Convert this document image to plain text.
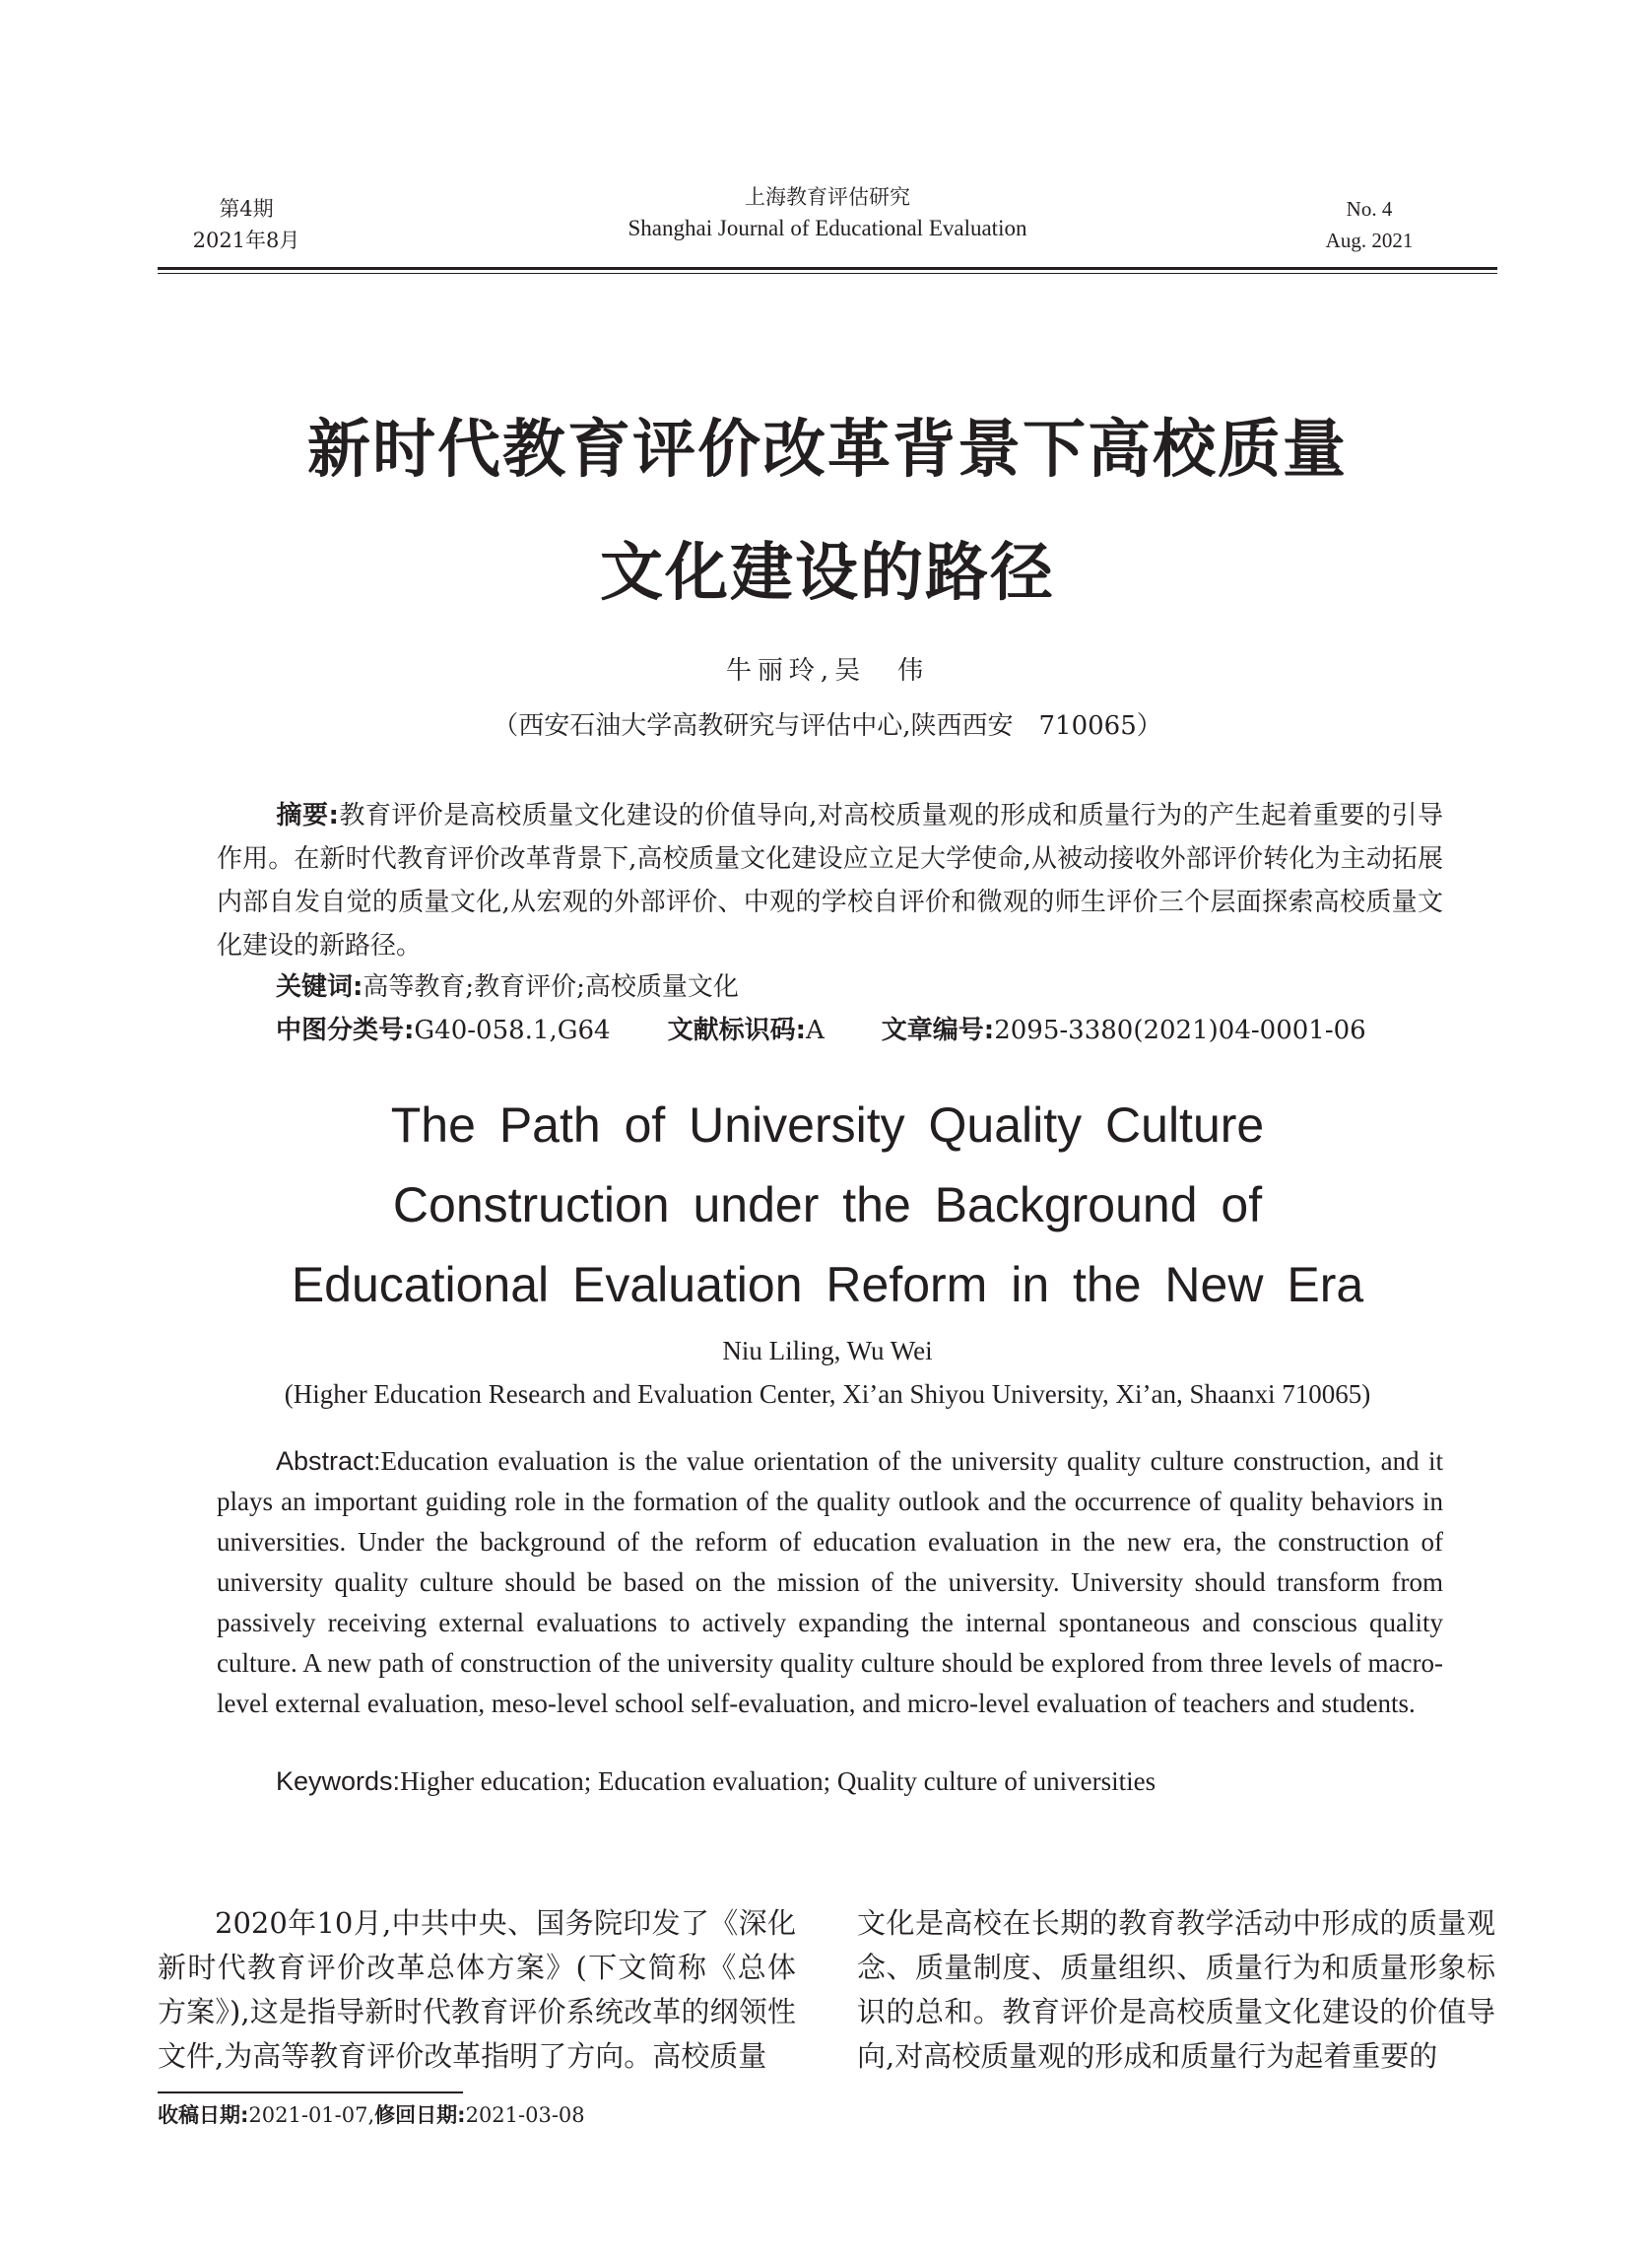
第4期
2021年8月
上海教育评估研究
Shanghai Journal of Educational Evaluation
No. 4
Aug. 2021
新时代教育评价改革背景下高校质量
文化建设的路径
牛丽玲,吴　伟
（西安石油大学高教研究与评估中心,陕西西安　710065）
摘要:教育评价是高校质量文化建设的价值导向,对高校质量观的形成和质量行为的产生起着重要的引导作用。在新时代教育评价改革背景下,高校质量文化建设应立足大学使命,从被动接收外部评价转化为主动拓展内部自发自觉的质量文化,从宏观的外部评价、中观的学校自评价和微观的师生评价三个层面探索高校质量文化建设的新路径。
关键词:高等教育;教育评价;高校质量文化
中图分类号:G40-058.1,G64 文献标识码:A 文章编号:2095-3380(2021)04-0001-06
The Path of University Quality Culture
Construction under the Background of
Educational Evaluation Reform in the New Era
Niu Liling, Wu Wei
(Higher Education Research and Evaluation Center, Xi’an Shiyou University, Xi’an, Shaanxi 710065)
Abstract:Education evaluation is the value orientation of the university quality culture construction, and it plays an important guiding role in the formation of the quality outlook and the occurrence of quality behaviors in universities. Under the background of the reform of education evaluation in the new era, the construction of university quality culture should be based on the mission of the university. University should transform from passively receiving external evaluations to actively expanding the internal spontaneous and conscious quality culture. A new path of construction of the university quality culture should be explored from three levels of macro-level external evaluation, meso-level school self-evaluation, and micro-level evaluation of teachers and students.
Keywords:Higher education; Education evaluation; Quality culture of universities
2020年10月,中共中央、国务院印发了《深化新时代教育评价改革总体方案》(下文简称《总体方案》),这是指导新时代教育评价系统改革的纲领性文件,为高等教育评价改革指明了方向。高校质量
文化是高校在长期的教育教学活动中形成的质量观念、质量制度、质量组织、质量行为和质量形象标识的总和。教育评价是高校质量文化建设的价值导向,对高校质量观的形成和质量行为起着重要的
收稿日期:2021-01-07,修回日期:2021-03-08
